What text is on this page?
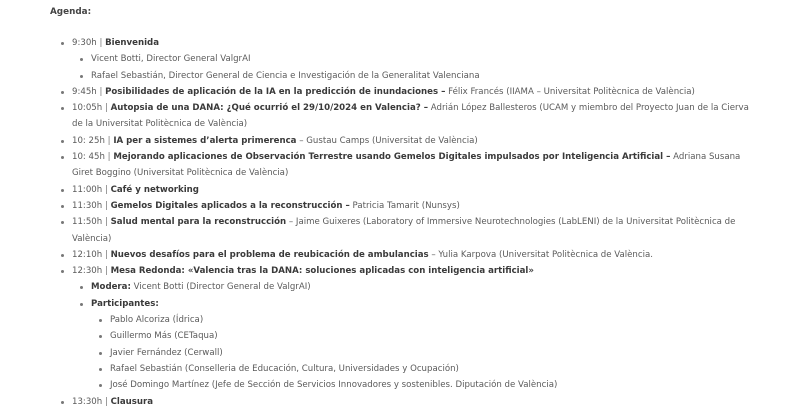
Agenda:
9:30h | Bienvenida
Vicent Botti, Director General ValgrAI
Rafael Sebastián, Director General de Ciencia e Investigación de la Generalitat Valenciana
9:45h | Posibilidades de aplicación de la IA en la predicción de inundaciones – Félix Francés (IIAMA – Universitat Politècnica de València)
10:05h | Autopsia de una DANA: ¿Qué ocurrió el 29/10/2024 en Valencia? – Adrián López Ballesteros (UCAM y miembro del Proyecto Juan de la Cierva de la Universitat Politècnica de València)
10: 25h | IA per a sistemes d’alerta primerenca – Gustau Camps (Universitat de València)
10: 45h | Mejorando aplicaciones de Observación Terrestre usando Gemelos Digitales impulsados por Inteligencia Artificial – Adriana Susana Giret Boggino (Universitat Politècnica de València)
11:00h | Café y networking
11:30h | Gemelos Digitales aplicados a la reconstrucción – Patricia Tamarit (Nunsys)
11:50h | Salud mental para la reconstrucción – Jaime Guixeres (Laboratory of Immersive Neurotechnologies (LabLENI) de la Universitat Politècnica de València)
12:10h | Nuevos desafíos para el problema de reubicación de ambulancias – Yulia Karpova (Universitat Politècnica de València.
12:30h | Mesa Redonda: «Valencia tras la DANA: soluciones aplicadas con inteligencia artificial»
Modera: Vicent Botti (Director General de ValgrAI)
Participantes:
Pablo Alcoriza (Ídrica)
Guillermo Más (CETaqua)
Javier Fernández (Cerwall)
Rafael Sebastián (Conselleria de Educación, Cultura, Universidades y Ocupación)
José Domingo Martínez (Jefe de Sección de Servicios Innovadores y sostenibles. Diputación de València)
13:30h | Clausura
